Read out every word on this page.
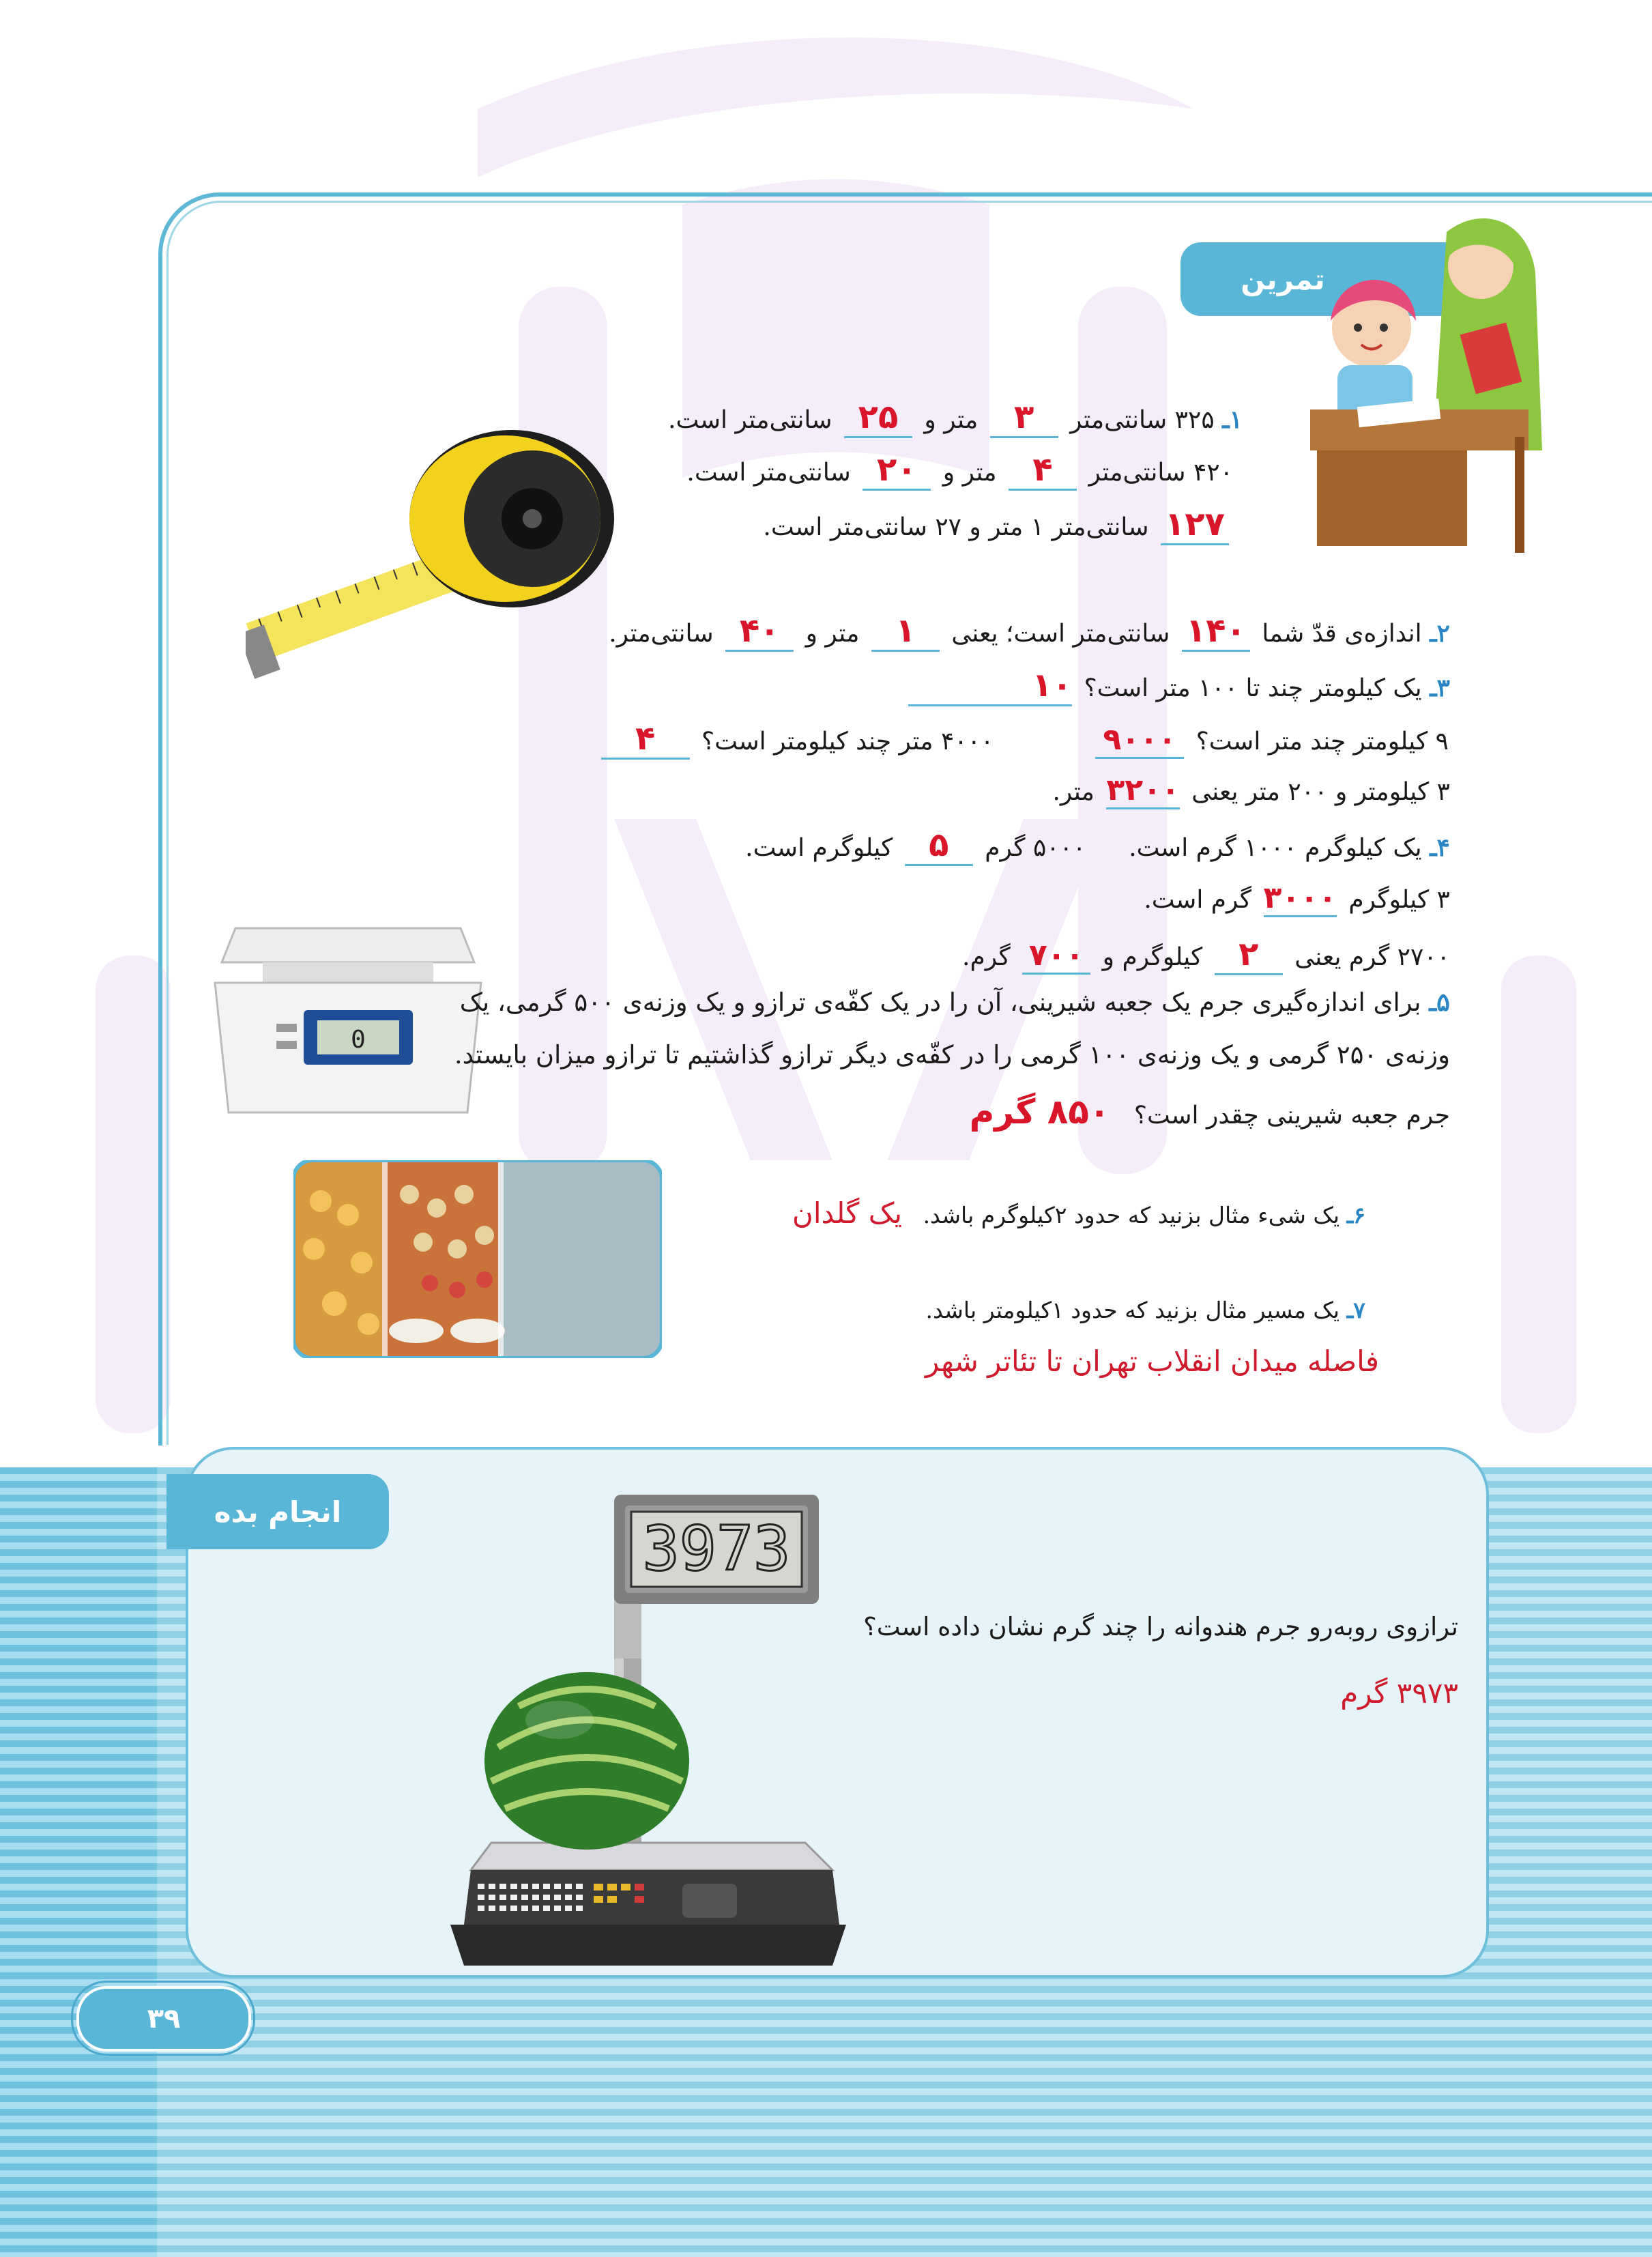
تمرین
۱ـ ۳۲۵ سانتی‌متر ۳ متر و ۲۵ سانتی‌متر است.
۴۲۰ سانتی‌متر ۴ متر و ۲۰ سانتی‌متر است.
۱۲۷ سانتی‌متر ۱ متر و ۲۷ سانتی‌متر است.
۲ـ اندازه‌ی قدّ شما ۱۴۰ سانتی‌متر است؛ یعنی ۱ متر و ۴۰ سانتی‌متر.
۳ـ یک کیلومتر چند تا ۱۰۰ متر است؟ ۱۰
۹ کیلومتر چند متر است؟ ۹۰۰۰  ۴۰۰۰ متر چند کیلومتر است؟ ۴
۳ کیلومتر و ۲۰۰ متر یعنی ۳۲۰۰ متر.
۴ـ یک کیلوگرم ۱۰۰۰ گرم است.  ۵۰۰۰ گرم ۵ کیلوگرم است.
۳ کیلوگرم ۳۰۰۰ گرم است.
۲۷۰۰ گرم یعنی ۲ کیلوگرم و ۷۰۰ گرم.
0
۵ـ برای اندازه‌گیری جرم یک جعبه شیرینی، آن را در یک کفّه‌ی ترازو و یک وزنه‌ی ۵۰۰ گرمی، یک
وزنه‌ی ۲۵۰ گرمی و یک وزنه‌ی ۱۰۰ گرمی را در کفّه‌ی دیگر ترازو گذاشتیم تا ترازو میزان بایستد.
جرم جعبه شیرینی چقدر است؟ ۸۵۰ گرم
۶ـ یک شیء مثال بزنید که حدود ۲کیلوگرم باشد. یک گلدان
۷ـ یک مسیر مثال بزنید که حدود ۱کیلومتر باشد.
فاصله میدان انقلاب تهران تا تئاتر شهر
انجام بده
3973
ترازوی روبه‌رو جرم هندوانه را چند گرم نشان داده است؟
۳۹۷۳ گرم
۳۹
